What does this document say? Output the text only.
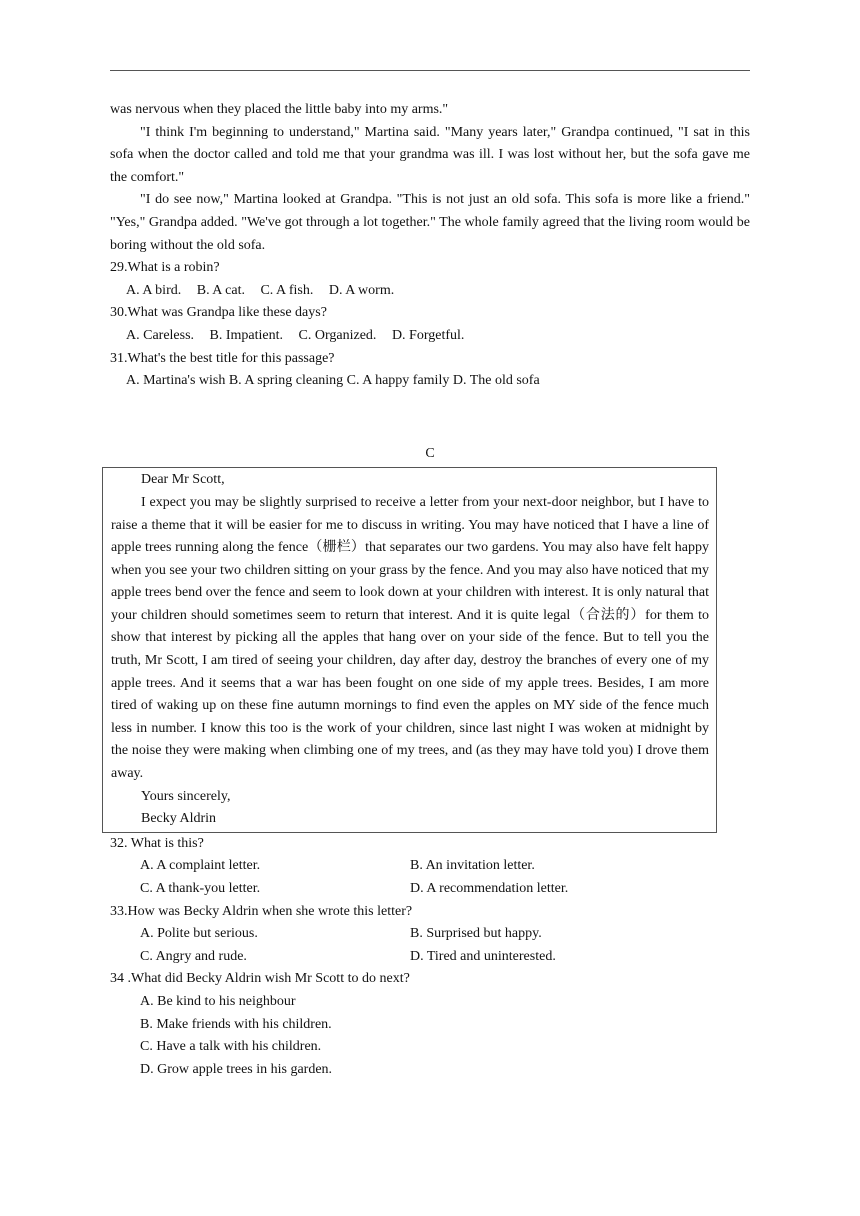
was nervous when they placed the little baby into my arms."

"I think I'm beginning to understand," Martina said. "Many years later," Grandpa continued, "I sat in this sofa when the doctor called and told me that your grandma was ill. I was lost without her, but the sofa gave me the comfort."

"I do see now," Martina looked at Grandpa. "This is not just an old sofa. This sofa is more like a friend." "Yes," Grandpa added. "We've got through a lot together." The whole family agreed that the living room would be boring without the old sofa.

29.What is a robin?

A. A bird. B. A cat. C. A fish. D. A worm.

30.What was Grandpa like these days?

A. Careless. B. Impatient. C. Organized. D. Forgetful.

31.What's the best title for this passage?

A. Martina's wish B. A spring cleaning C. A happy family D. The old sofa

C

Dear Mr Scott,

I expect you may be slightly surprised to receive a letter from your next-door neighbor, but I have to raise a theme that it will be easier for me to discuss in writing. You may have noticed that I have a line of apple trees running along the fence（栅栏）that separates our two gardens. You may also have felt happy when you see your two children sitting on your grass by the fence. And you may also have noticed that my apple trees bend over the fence and seem to look down at your children with interest. It is only natural that your children should sometimes seem to return that interest. And it is quite legal（合法的）for them to show that interest by picking all the apples that hang over on your side of the fence. But to tell you the truth, Mr Scott, I am tired of seeing your children, day after day, destroy the branches of every one of my apple trees. And it seems that a war has been fought on one side of my apple trees. Besides, I am more tired of waking up on these fine autumn mornings to find even the apples on MY side of the fence much less in number. I know this too is the work of your children, since last night I was woken at midnight by the noise they were making when climbing one of my trees, and (as they may have told you) I drove them away.

Yours sincerely,

Becky Aldrin

32. What is this?

A. A complaint letter.	B. An invitation letter.
C. A thank-you letter.	D. A recommendation letter.

33.How was Becky Aldrin when she wrote this letter?

A. Polite but serious.	B. Surprised but happy.
C. Angry and rude.	D. Tired and uninterested.

34 .What did Becky Aldrin wish Mr Scott to do next?

A. Be kind to his neighbour
B. Make friends with his children.
C. Have a talk with his children.
D. Grow apple trees in his garden.
